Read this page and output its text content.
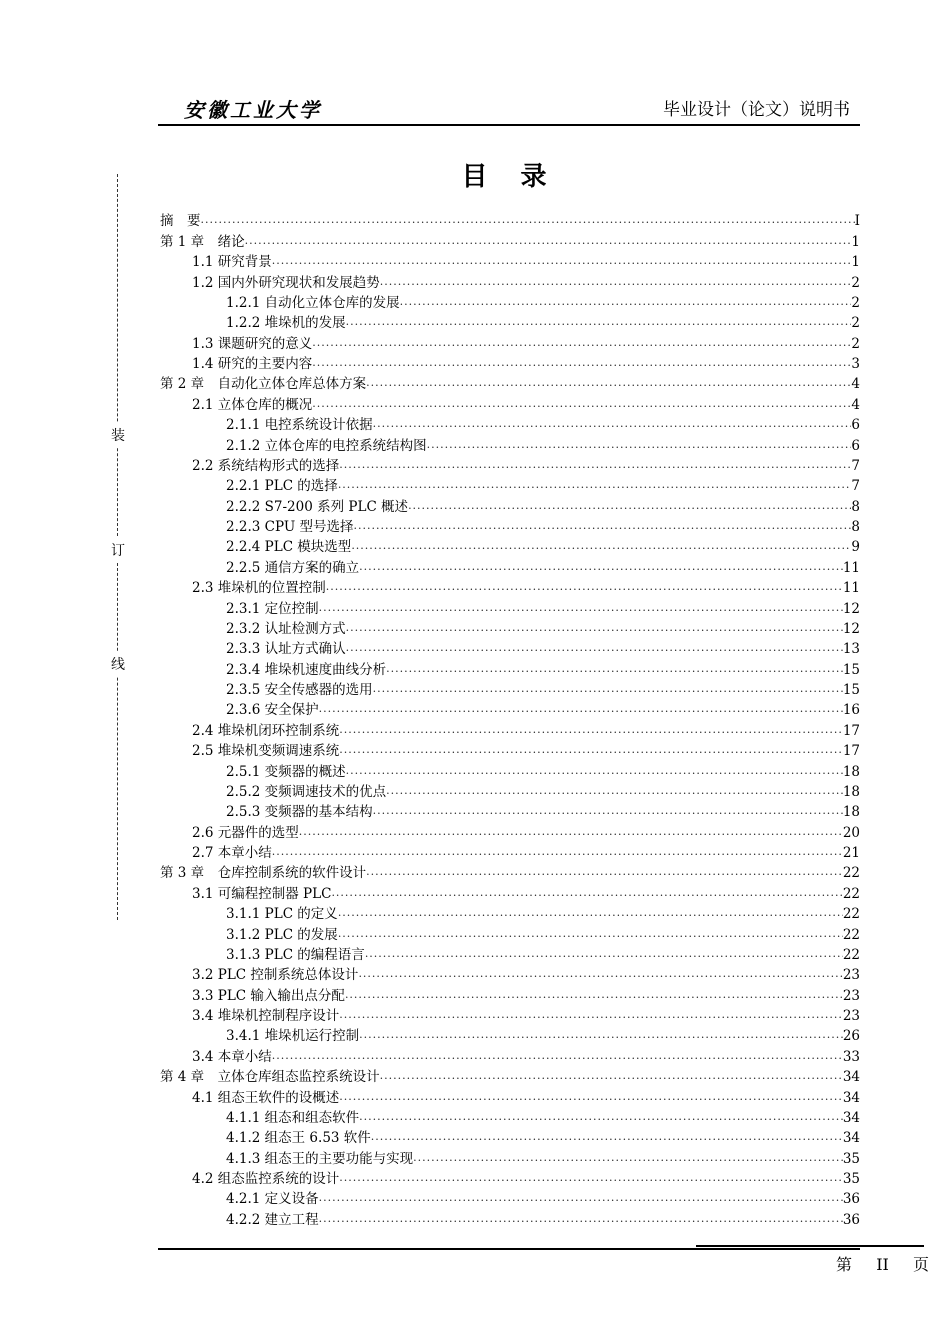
安徽工业大学	毕业设计（论文）说明书
目 录
装
订
线
摘　要 .....	I
第 1 章　绪论 .....	1
1.1 研究背景 .....	1
1.2 国内外研究现状和发展趋势 .....	2
1.2.1 自动化立体仓库的发展 .....	2
1.2.2 堆垛机的发展 .....	2
1.3 课题研究的意义 .....	2
1.4 研究的主要内容 .....	3
第 2 章　自动化立体仓库总体方案 .....	4
2.1 立体仓库的概况 .....	4
2.1.1 电控系统设计依据 .....	6
2.1.2 立体仓库的电控系统结构图 .....	6
2.2 系统结构形式的选择 .....	7
2.2.1 PLC 的选择 .....	7
2.2.2 S7-200 系列 PLC 概述 .....	8
2.2.3 CPU 型号选择 .....	8
2.2.4 PLC 模块选型 .....	9
2.2.5 通信方案的确立 .....	11
2.3 堆垛机的位置控制 .....	11
2.3.1 定位控制 .....	12
2.3.2 认址检测方式 .....	12
2.3.3 认址方式确认 .....	13
2.3.4 堆垛机速度曲线分析 .....	15
2.3.5 安全传感器的选用 .....	15
2.3.6 安全保护 .....	16
2.4 堆垛机闭环控制系统 .....	17
2.5 堆垛机变频调速系统 .....	17
2.5.1 变频器的概述 .....	18
2.5.2 变频调速技术的优点 .....	18
2.5.3 变频器的基本结构 .....	18
2.6 元器件的选型 .....	20
2.7 本章小结 .....	21
第 3 章　仓库控制系统的软件设计 .....	22
3.1 可编程控制器 PLC .....	22
3.1.1 PLC 的定义 .....	22
3.1.2 PLC 的发展 .....	22
3.1.3 PLC 的编程语言 .....	22
3.2 PLC 控制系统总体设计 .....	23
3.3 PLC 输入输出点分配 .....	23
3.4 堆垛机控制程序设计 .....	23
3.4.1 堆垛机运行控制 .....	26
3.4 本章小结 .....	33
第 4 章　立体仓库组态监控系统设计 .....	34
4.1 组态王软件的设概述 .....	34
4.1.1 组态和组态软件 .....	34
4.1.2 组态王 6.53 软件 .....	34
4.1.3 组态王的主要功能与实现 .....	35
4.2 组态监控系统的设计 .....	35
4.2.1 定义设备 .....	36
4.2.2 建立工程 .....	36
第 II 页
